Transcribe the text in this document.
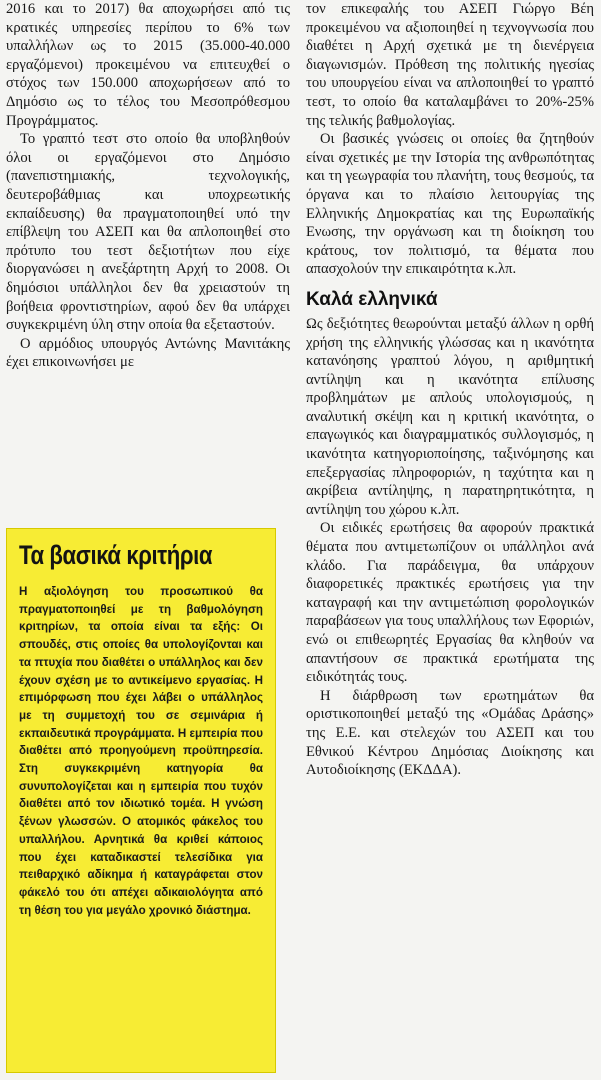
2016 και το 2017) θα αποχωρήσει από τις κρατικές υπηρεσίες περίπου το 6% των υπαλλήλων ως το 2015 (35.000-40.000 εργαζόμενοι) προκειμένου να επιτευχθεί ο στόχος των 150.000 αποχωρήσεων από το Δημόσιο ως το τέλος του Μεσοπρόθεσμου Προγράμματος.

Το γραπτό τεστ στο οποίο θα υποβληθούν όλοι οι εργαζόμενοι στο Δημόσιο (πανεπιστημιακής, τεχνολογικής, δευτεροβάθμιας και υποχρεωτικής εκπαίδευσης) θα πραγματοποιηθεί υπό την επίβλεψη του ΑΣΕΠ και θα απλοποιηθεί στο πρότυπο του τεστ δεξιοτήτων που είχε διοργανώσει η ανεξάρτητη Αρχή το 2008. Οι δημόσιοι υπάλληλοι δεν θα χρειαστούν τη βοήθεια φροντιστηρίων, αφού δεν θα υπάρχει συγκεκριμένη ύλη στην οποία θα εξεταστούν.

Ο αρμόδιος υπουργός Αντώνης Μανιτάκης έχει επικοινωνήσει με

Τα βασικά κριτήρια

Η αξιολόγηση του προσωπικού θα πραγματοποιηθεί με τη βαθμολόγηση κριτηρίων, τα οποία είναι τα εξής: Οι σπουδές, στις οποίες θα υπολογίζονται και τα πτυχία που διαθέτει ο υπάλληλος και δεν έχουν σχέση με το αντικείμενο εργασίας. Η επιμόρφωση που έχει λάβει ο υπάλληλος με τη συμμετοχή του σε σεμινάρια ή εκπαιδευτικά προγράμματα. Η εμπειρία που διαθέτει από προηγούμενη προϋπηρεσία. Στη συγκεκριμένη κατηγορία θα συνυπολογίζεται και η εμπειρία που τυχόν διαθέτει από τον ιδιωτικό τομέα. Η γνώση ξένων γλωσσών. Ο ατομικός φάκελος του υπαλλήλου. Αρνητικά θα κριθεί κάποιος που έχει καταδικαστεί τελεσίδικα για πειθαρχικό αδίκημα ή καταγράφεται στον φάκελό του ότι απέχει αδικαιολόγητα από τη θέση του για μεγάλο χρονικό διάστημα.

τον επικεφαλής του ΑΣΕΠ Γιώργο Βέη προκειμένου να αξιοποιηθεί η τεχνογνωσία που διαθέτει η Αρχή σχετικά με τη διενέργεια διαγωνισμών. Πρόθεση της πολιτικής ηγεσίας του υπουργείου είναι να απλοποιηθεί το γραπτό τεστ, το οποίο θα καταλαμβάνει το 20%-25% της τελικής βαθμολογίας.

Οι βασικές γνώσεις οι οποίες θα ζητηθούν είναι σχετικές με την Ιστορία της ανθρωπότητας και τη γεωγραφία του πλανήτη, τους θεσμούς, τα όργανα και το πλαίσιο λειτουργίας της Ελληνικής Δημοκρατίας και της Ευρωπαϊκής Ενωσης, την οργάνωση και τη διοίκηση του κράτους, τον πολιτισμό, τα θέματα που απασχολούν την επικαιρότητα κ.λπ.

Καλά ελληνικά

Ως δεξιότητες θεωρούνται μεταξύ άλλων η ορθή χρήση της ελληνικής γλώσσας και η ικανότητα κατανόησης γραπτού λόγου, η αριθμητική αντίληψη και η ικανότητα επίλυσης προβλημάτων με απλούς υπολογισμούς, η αναλυτική σκέψη και η κριτική ικανότητα, ο επαγωγικός και διαγραμματικός συλλογισμός, η ικανότητα κατηγοριοποίησης, ταξινόμησης και επεξεργασίας πληροφοριών, η ταχύτητα και η ακρίβεια αντίληψης, η παρατηρητικότητα, η αντίληψη του χώρου κ.λπ.

Οι ειδικές ερωτήσεις θα αφορούν πρακτικά θέματα που αντιμετωπίζουν οι υπάλληλοι ανά κλάδο. Για παράδειγμα, θα υπάρχουν διαφορετικές πρακτικές ερωτήσεις για την καταγραφή και την αντιμετώπιση φορολογικών παραβάσεων για τους υπαλλήλους των Εφοριών, ενώ οι επιθεωρητές Εργασίας θα κληθούν να απαντήσουν σε πρακτικά ερωτήματα της ειδικότητάς τους.

Η διάρθρωση των ερωτημάτων θα οριστικοποιηθεί μεταξύ της «Ομάδας Δράσης» της Ε.Ε. και στελεχών του ΑΣΕΠ και του Εθνικού Κέντρου Δημόσιας Διοίκησης και Αυτοδιοίκησης (ΕΚΔΔΑ).
